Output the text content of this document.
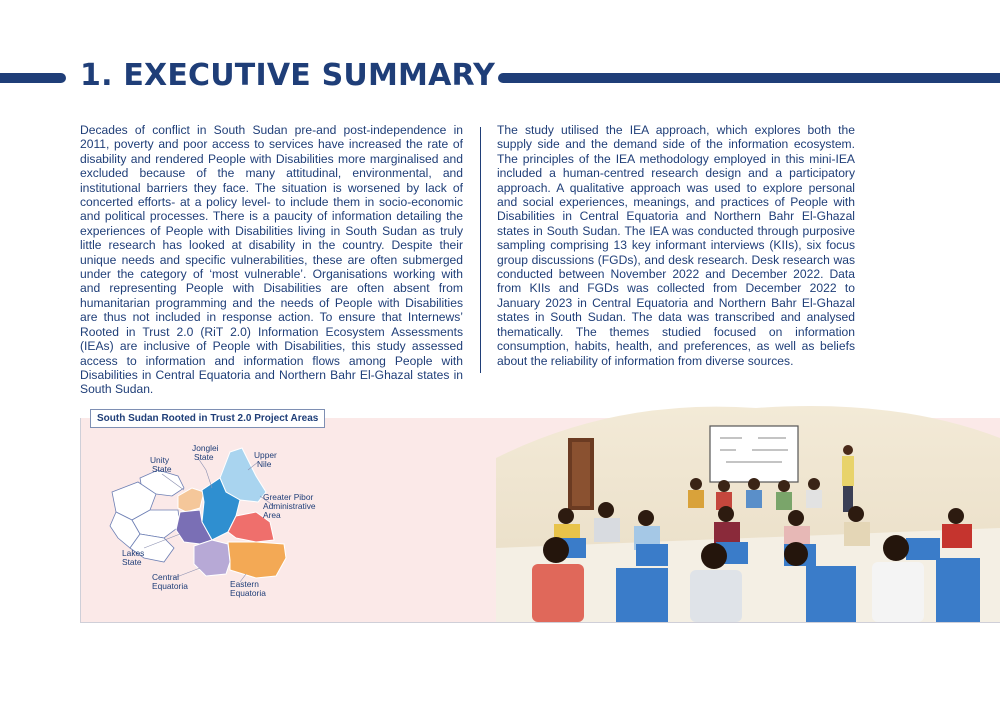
1. EXECUTIVE SUMMARY

Decades of conflict in South Sudan pre-and post-independence in 2011, poverty and poor access to services have increased the rate of disability and rendered People with Disabilities more marginalised and excluded because of the many attitudinal, environmental, and institutional barriers they face. The situation is worsened by lack of concerted efforts- at a policy level- to include them in socio-economic and political processes. There is a paucity of information detailing the experiences of People with Disabilities living in South Sudan as truly little research has looked at disability in the country. Despite their unique needs and specific vulnerabilities, these are often submerged under the category of ‘most vulnerable’. Organisations working with and representing People with Disabilities are often absent from humanitarian programming and the needs of People with Disabilities are thus not included in response action. To ensure that Internews’ Rooted in Trust 2.0 (RiT 2.0) Information Ecosystem Assessments (IEAs) are inclusive of People with Disabilities, this study assessed access to information and information flows among People with Disabilities in Central Equatoria and Northern Bahr El-Ghazal states in South Sudan.

The study utilised the IEA approach, which explores both the supply side and the demand side of the information ecosystem. The principles of the IEA methodology employed in this mini-IEA included a human-centred research design and a participatory approach. A qualitative approach was used to explore personal and social experiences, meanings, and practices of People with Disabilities in Central Equatoria and Northern Bahr El-Ghazal states in South Sudan. The IEA was conducted through purposive sampling comprising 13 key informant interviews (KIIs), six focus group discussions (FGDs), and desk research. Desk research was conducted between November 2022 and December 2022. Data from KIIs and FGDs was collected from December 2022 to January 2023 in Central Equatoria and Northern Bahr El-Ghazal states in South Sudan. The data was transcribed and analysed thematically. The themes studied focused on information consumption, habits, health, and preferences, as well as beliefs about the reliability of information from diverse sources.

Unity
State
Jonglei
State	Upper
Nile
Greater Pibor
Administrative
Area
Lakes
State
Central
Equatoria	Eastern
Equatoria
South Sudan Rooted in Trust 2.0 Project Areas
